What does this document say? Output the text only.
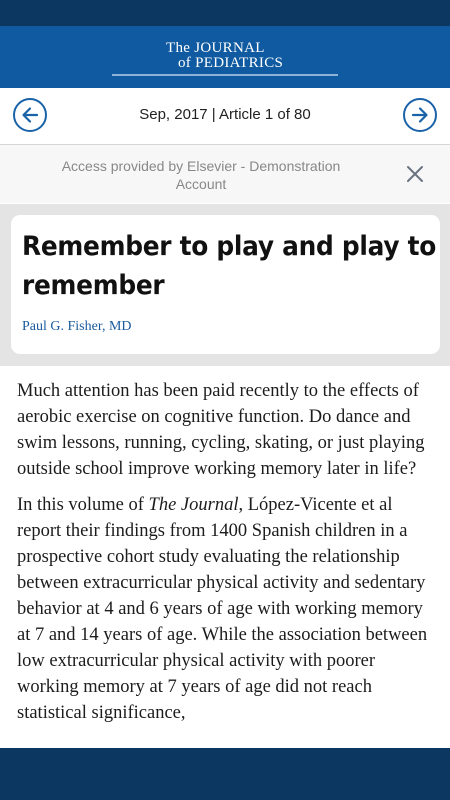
The JOURNAL
of PEDIATRICS
Sep, 2017 | Article 1 of 80
Access provided by Elsevier - Demonstration
Account
Remember to play and play to
remember
Paul G. Fisher, MD

Much attention has been paid recently to the effects of aerobic exercise on cognitive function. Do dance and swim lessons, running, cycling, skating, or just playing outside school improve working memory later in life?

In this volume of The Journal, López-Vicente et al report their findings from 1400 Spanish children in a prospective cohort study evaluating the relationship between extracurricular physical activity and sedentary behavior at 4 and 6 years of age with working memory at 7 and 14 years of age. While the association between low extracurricular physical activity with poorer working memory at 7 years of age did not reach statistical significance,
